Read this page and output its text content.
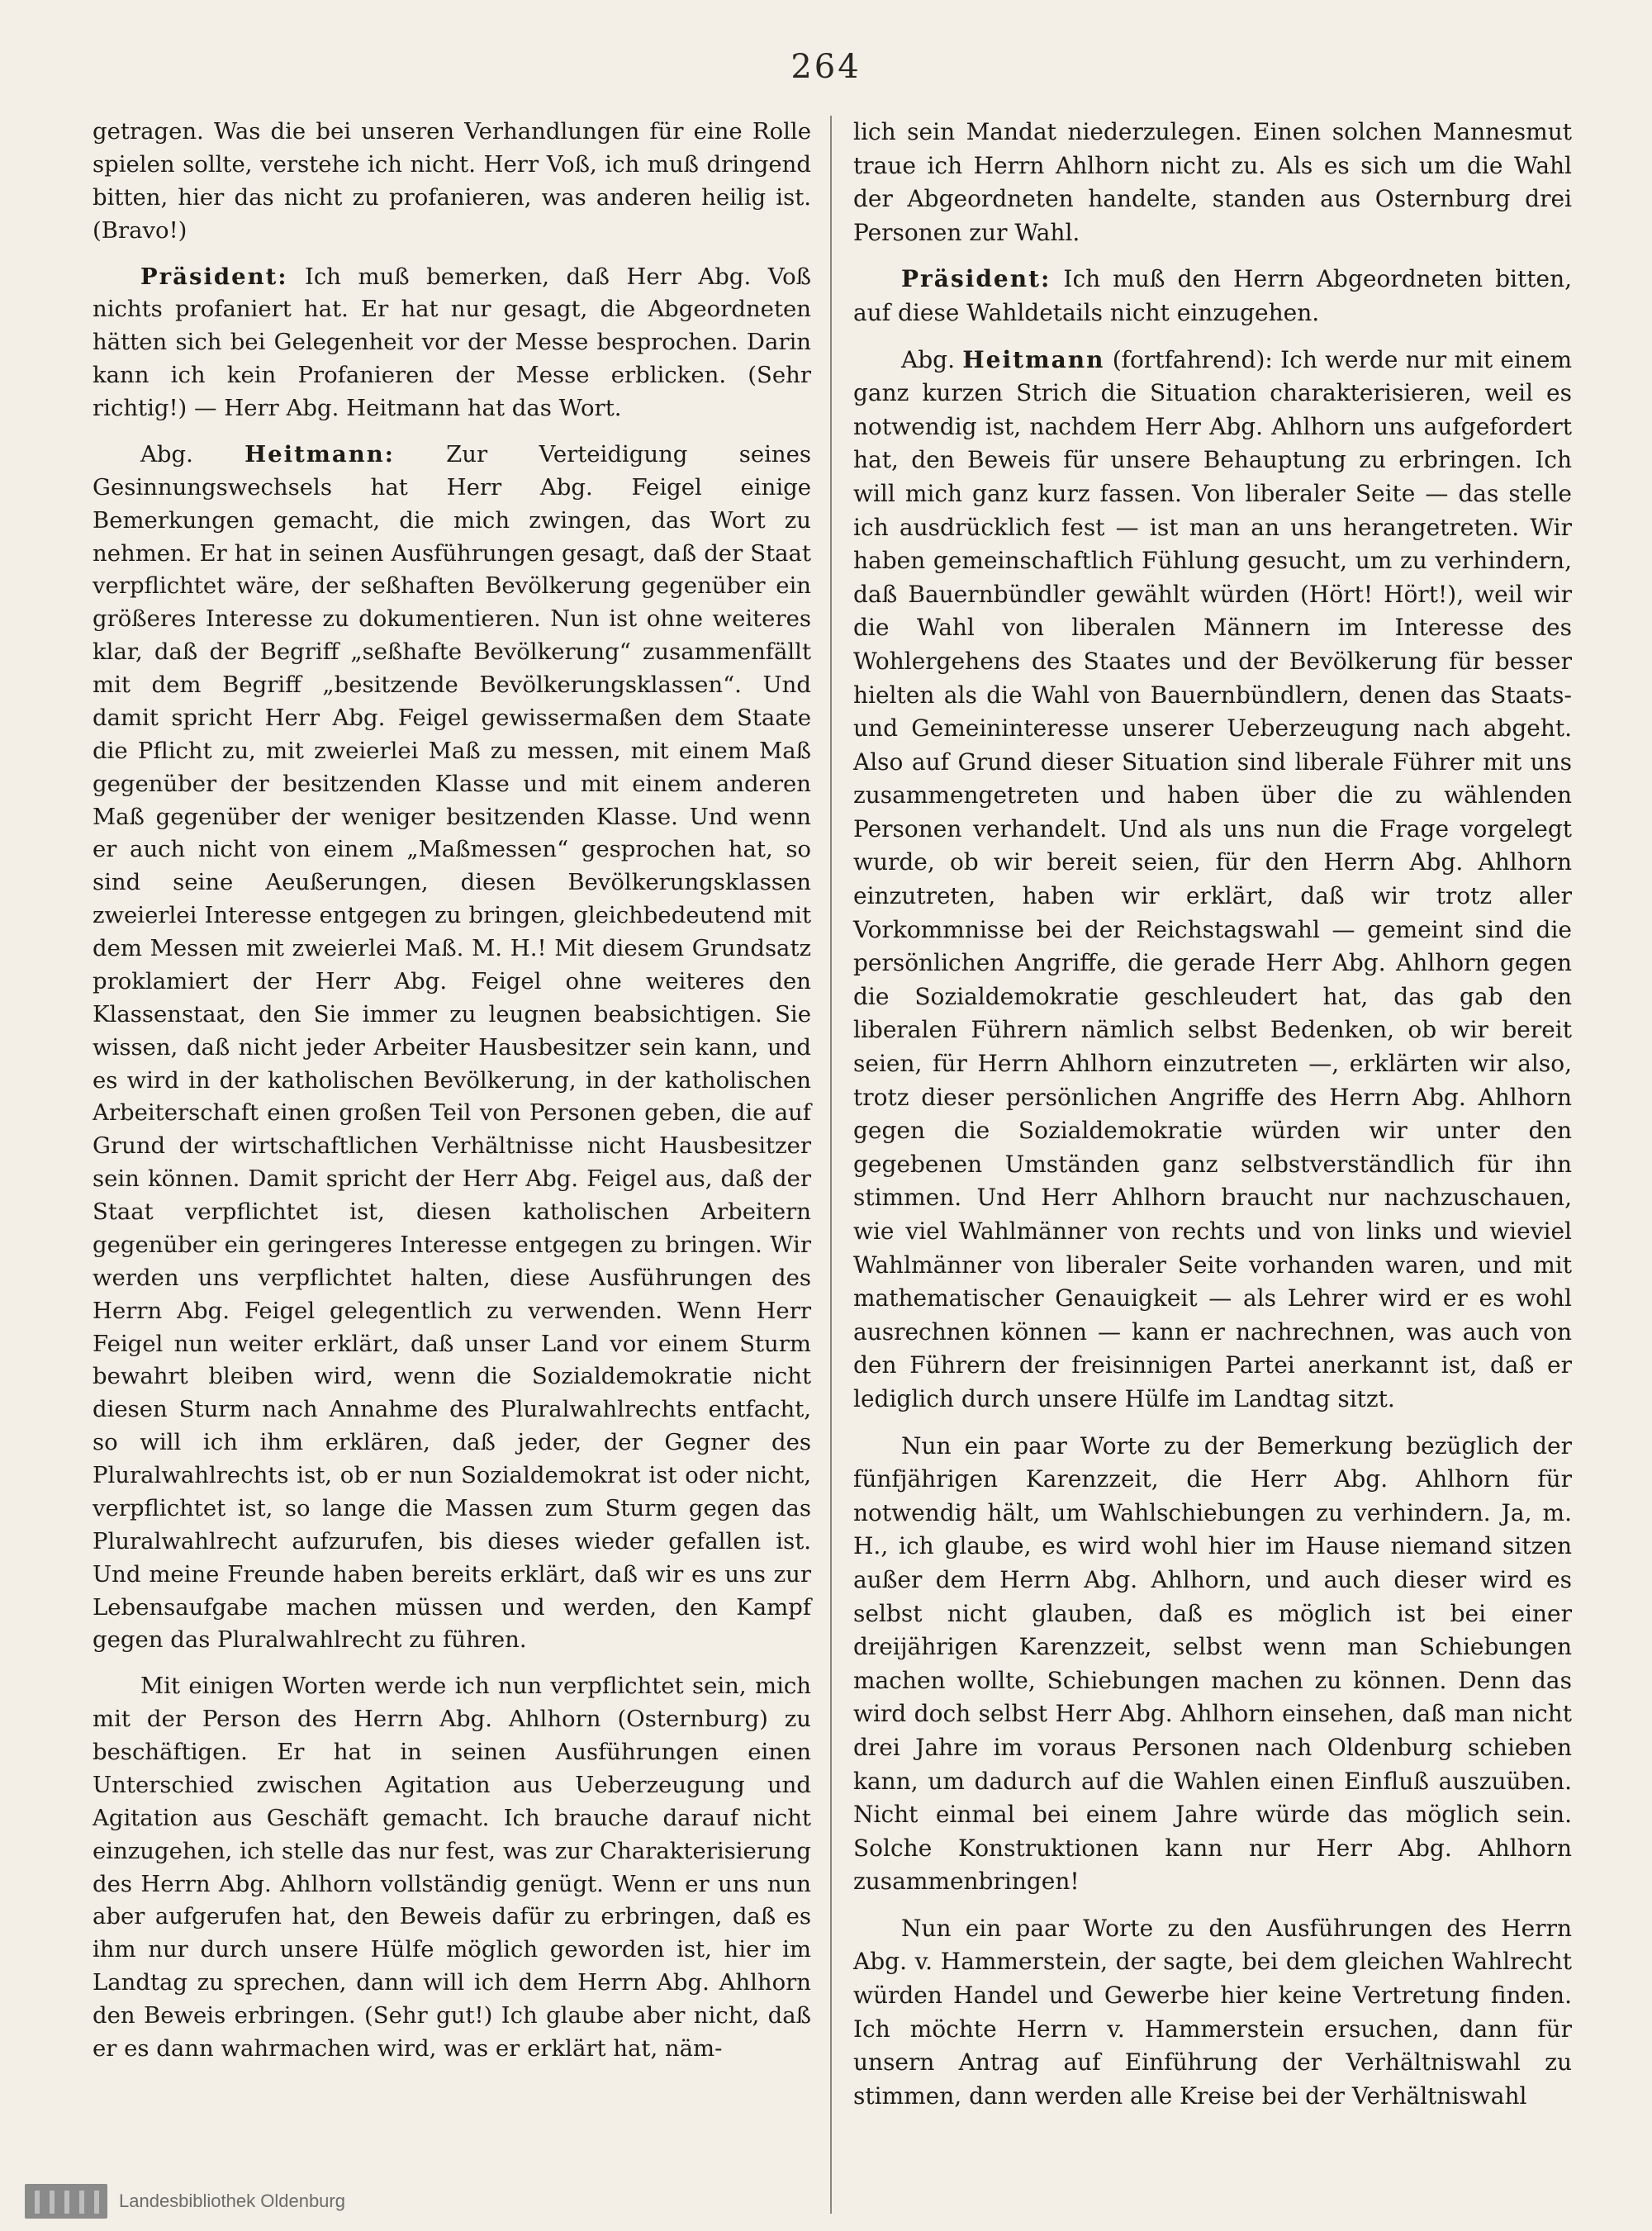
264

getragen. Was die bei unseren Verhandlungen für eine Rolle spielen sollte, verstehe ich nicht. Herr Voß, ich muß dringend bitten, hier das nicht zu profanieren, was anderen heilig ist. (Bravo!)

Präsident: Ich muß bemerken, daß Herr Abg. Voß nichts profaniert hat. Er hat nur gesagt, die Abgeordneten hätten sich bei Gelegenheit vor der Messe besprochen. Darin kann ich kein Profanieren der Messe erblicken. (Sehr richtig!) — Herr Abg. Heitmann hat das Wort.

Abg. Heitmann: Zur Verteidigung seines Gesinnungswechsels hat Herr Abg. Feigel einige Bemerkungen gemacht, die mich zwingen, das Wort zu nehmen. Er hat in seinen Ausführungen gesagt, daß der Staat verpflichtet wäre, der seßhaften Bevölkerung gegenüber ein größeres Interesse zu dokumentieren. Nun ist ohne weiteres klar, daß der Begriff „seßhafte Bevölkerung“ zusammenfällt mit dem Begriff „besitzende Bevölkerungsklassen“. Und damit spricht Herr Abg. Feigel gewissermaßen dem Staate die Pflicht zu, mit zweierlei Maß zu messen, mit einem Maß gegenüber der besitzenden Klasse und mit einem anderen Maß gegenüber der weniger besitzenden Klasse. Und wenn er auch nicht von einem „Maßmessen“ gesprochen hat, so sind seine Aeußerungen, diesen Bevölkerungsklassen zweierlei Interesse entgegen zu bringen, gleichbedeutend mit dem Messen mit zweierlei Maß. M. H.! Mit diesem Grundsatz proklamiert der Herr Abg. Feigel ohne weiteres den Klassenstaat, den Sie immer zu leugnen beabsichtigen. Sie wissen, daß nicht jeder Arbeiter Hausbesitzer sein kann, und es wird in der katholischen Bevölkerung, in der katholischen Arbeiterschaft einen großen Teil von Personen geben, die auf Grund der wirtschaftlichen Verhältnisse nicht Hausbesitzer sein können. Damit spricht der Herr Abg. Feigel aus, daß der Staat verpflichtet ist, diesen katholischen Arbeitern gegenüber ein geringeres Interesse entgegen zu bringen. Wir werden uns verpflichtet halten, diese Ausführungen des Herrn Abg. Feigel gelegentlich zu verwenden. Wenn Herr Feigel nun weiter erklärt, daß unser Land vor einem Sturm bewahrt bleiben wird, wenn die Sozialdemokratie nicht diesen Sturm nach Annahme des Pluralwahlrechts entfacht, so will ich ihm erklären, daß jeder, der Gegner des Pluralwahlrechts ist, ob er nun Sozialdemokrat ist oder nicht, verpflichtet ist, so lange die Massen zum Sturm gegen das Pluralwahlrecht aufzurufen, bis dieses wieder gefallen ist. Und meine Freunde haben bereits erklärt, daß wir es uns zur Lebensaufgabe machen müssen und werden, den Kampf gegen das Pluralwahlrecht zu führen.

Mit einigen Worten werde ich nun verpflichtet sein, mich mit der Person des Herrn Abg. Ahlhorn (Osternburg) zu beschäftigen. Er hat in seinen Ausführungen einen Unterschied zwischen Agitation aus Ueberzeugung und Agitation aus Geschäft gemacht. Ich brauche darauf nicht einzugehen, ich stelle das nur fest, was zur Charakterisierung des Herrn Abg. Ahlhorn vollständig genügt. Wenn er uns nun aber aufgerufen hat, den Beweis dafür zu erbringen, daß es ihm nur durch unsere Hülfe möglich geworden ist, hier im Landtag zu sprechen, dann will ich dem Herrn Abg. Ahlhorn den Beweis erbringen. (Sehr gut!) Ich glaube aber nicht, daß er es dann wahrmachen wird, was er erklärt hat, näm-

lich sein Mandat niederzulegen. Einen solchen Mannesmut traue ich Herrn Ahlhorn nicht zu. Als es sich um die Wahl der Abgeordneten handelte, standen aus Osternburg drei Personen zur Wahl.

Präsident: Ich muß den Herrn Abgeordneten bitten, auf diese Wahldetails nicht einzugehen.

Abg. Heitmann (fortfahrend): Ich werde nur mit einem ganz kurzen Strich die Situation charakterisieren, weil es notwendig ist, nachdem Herr Abg. Ahlhorn uns aufgefordert hat, den Beweis für unsere Behauptung zu erbringen. Ich will mich ganz kurz fassen. Von liberaler Seite — das stelle ich ausdrücklich fest — ist man an uns herangetreten. Wir haben gemeinschaftlich Fühlung gesucht, um zu verhindern, daß Bauernbündler gewählt würden (Hört! Hört!), weil wir die Wahl von liberalen Männern im Interesse des Wohlergehens des Staates und der Bevölkerung für besser hielten als die Wahl von Bauernbündlern, denen das Staats- und Gemeininteresse unserer Ueberzeugung nach abgeht. Also auf Grund dieser Situation sind liberale Führer mit uns zusammengetreten und haben über die zu wählenden Personen verhandelt. Und als uns nun die Frage vorgelegt wurde, ob wir bereit seien, für den Herrn Abg. Ahlhorn einzutreten, haben wir erklärt, daß wir trotz aller Vorkommnisse bei der Reichstagswahl — gemeint sind die persönlichen Angriffe, die gerade Herr Abg. Ahlhorn gegen die Sozialdemokratie geschleudert hat, das gab den liberalen Führern nämlich selbst Bedenken, ob wir bereit seien, für Herrn Ahlhorn einzutreten —, erklärten wir also, trotz dieser persönlichen Angriffe des Herrn Abg. Ahlhorn gegen die Sozialdemokratie würden wir unter den gegebenen Umständen ganz selbstverständlich für ihn stimmen. Und Herr Ahlhorn braucht nur nachzuschauen, wie viel Wahlmänner von rechts und von links und wieviel Wahlmänner von liberaler Seite vorhanden waren, und mit mathematischer Genauigkeit — als Lehrer wird er es wohl ausrechnen können — kann er nachrechnen, was auch von den Führern der freisinnigen Partei anerkannt ist, daß er lediglich durch unsere Hülfe im Landtag sitzt.

Nun ein paar Worte zu der Bemerkung bezüglich der fünfjährigen Karenzzeit, die Herr Abg. Ahlhorn für notwendig hält, um Wahlschiebungen zu verhindern. Ja, m. H., ich glaube, es wird wohl hier im Hause niemand sitzen außer dem Herrn Abg. Ahlhorn, und auch dieser wird es selbst nicht glauben, daß es möglich ist bei einer dreijährigen Karenzzeit, selbst wenn man Schiebungen machen wollte, Schiebungen machen zu können. Denn das wird doch selbst Herr Abg. Ahlhorn einsehen, daß man nicht drei Jahre im voraus Personen nach Oldenburg schieben kann, um dadurch auf die Wahlen einen Einfluß auszuüben. Nicht einmal bei einem Jahre würde das möglich sein. Solche Konstruktionen kann nur Herr Abg. Ahlhorn zusammenbringen!

Nun ein paar Worte zu den Ausführungen des Herrn Abg. v. Hammerstein, der sagte, bei dem gleichen Wahlrecht würden Handel und Gewerbe hier keine Vertretung finden. Ich möchte Herrn v. Hammerstein ersuchen, dann für unsern Antrag auf Einführung der Verhältniswahl zu stimmen, dann werden alle Kreise bei der Verhältniswahl

Landesbibliothek Oldenburg
